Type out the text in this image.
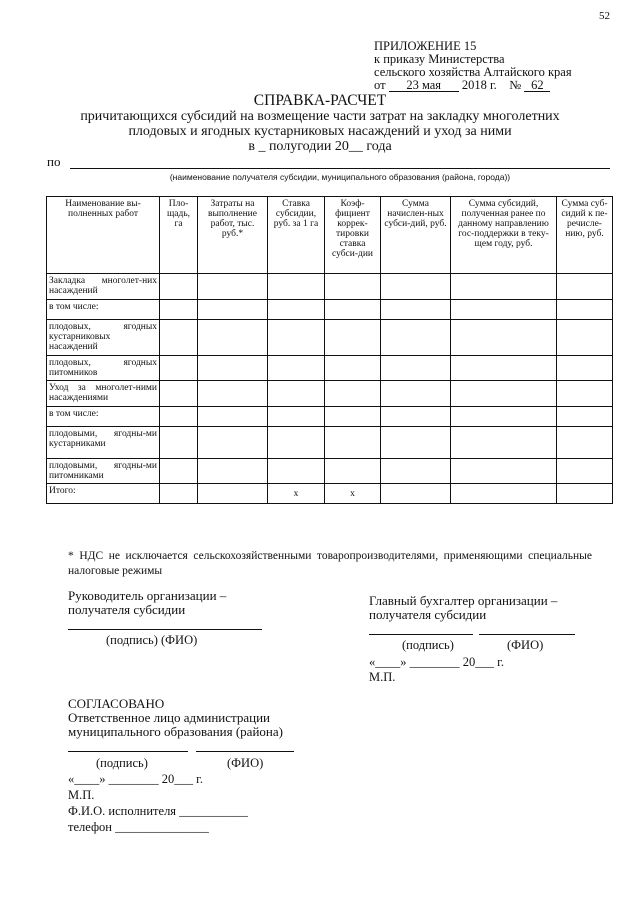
52
ПРИЛОЖЕНИЕ 15
к приказу Министерства
сельского хозяйства Алтайского края
от 23 мая 2018 г. № 62
СПРАВКА-РАСЧЕТ
причитающихся субсидий на возмещение части затрат на закладку многолетних
плодовых и ягодных кустарниковых насаждений и уход за ними
в _ полугодии 20__ года
по
(наименование получателя субсидии, муниципального образования (района, города))
Наименование вы-полненных работ	Пло-щадь, га	Затраты на выполнение работ, тыс. руб.*	Ставка субсидии, руб. за 1 га	Коэф-фициент коррек-тировки ставка субси-дии	Сумма начислен-ных субси-дий, руб.	Сумма субсидий, полученная ранее по данному направлению гос-поддержки в теку-щем году, руб.	Сумма суб-сидий к пе-речисле-нию, руб.
Закладка многолет-них насаждений							
в том числе:							
плодовых, ягодных кустарниковых насаждений							
плодовых, ягодных питомников							
Уход за многолет-ними насаждениями							
в том числе:							
плодовыми, ягодны-ми кустарниками							
плодовыми, ягодны-ми питомниками							
Итого:			x	x			
* НДС не исключается сельскохозяйственными товаропроизводителями, применяющими специальные налоговые режимы
Руководитель организации –
получателя субсидии
(подпись) (ФИО)
Главный бухгалтер организации –
получателя субсидии
(подпись)	(ФИО)
«____» ________ 20___ г.
М.П.
СОГЛАСОВАНО
Ответственное лицо администрации
муниципального образования (района)
(подпись)	(ФИО)
«____» ________ 20___ г.
М.П.
Ф.И.О. исполнителя ___________
телефон _______________
